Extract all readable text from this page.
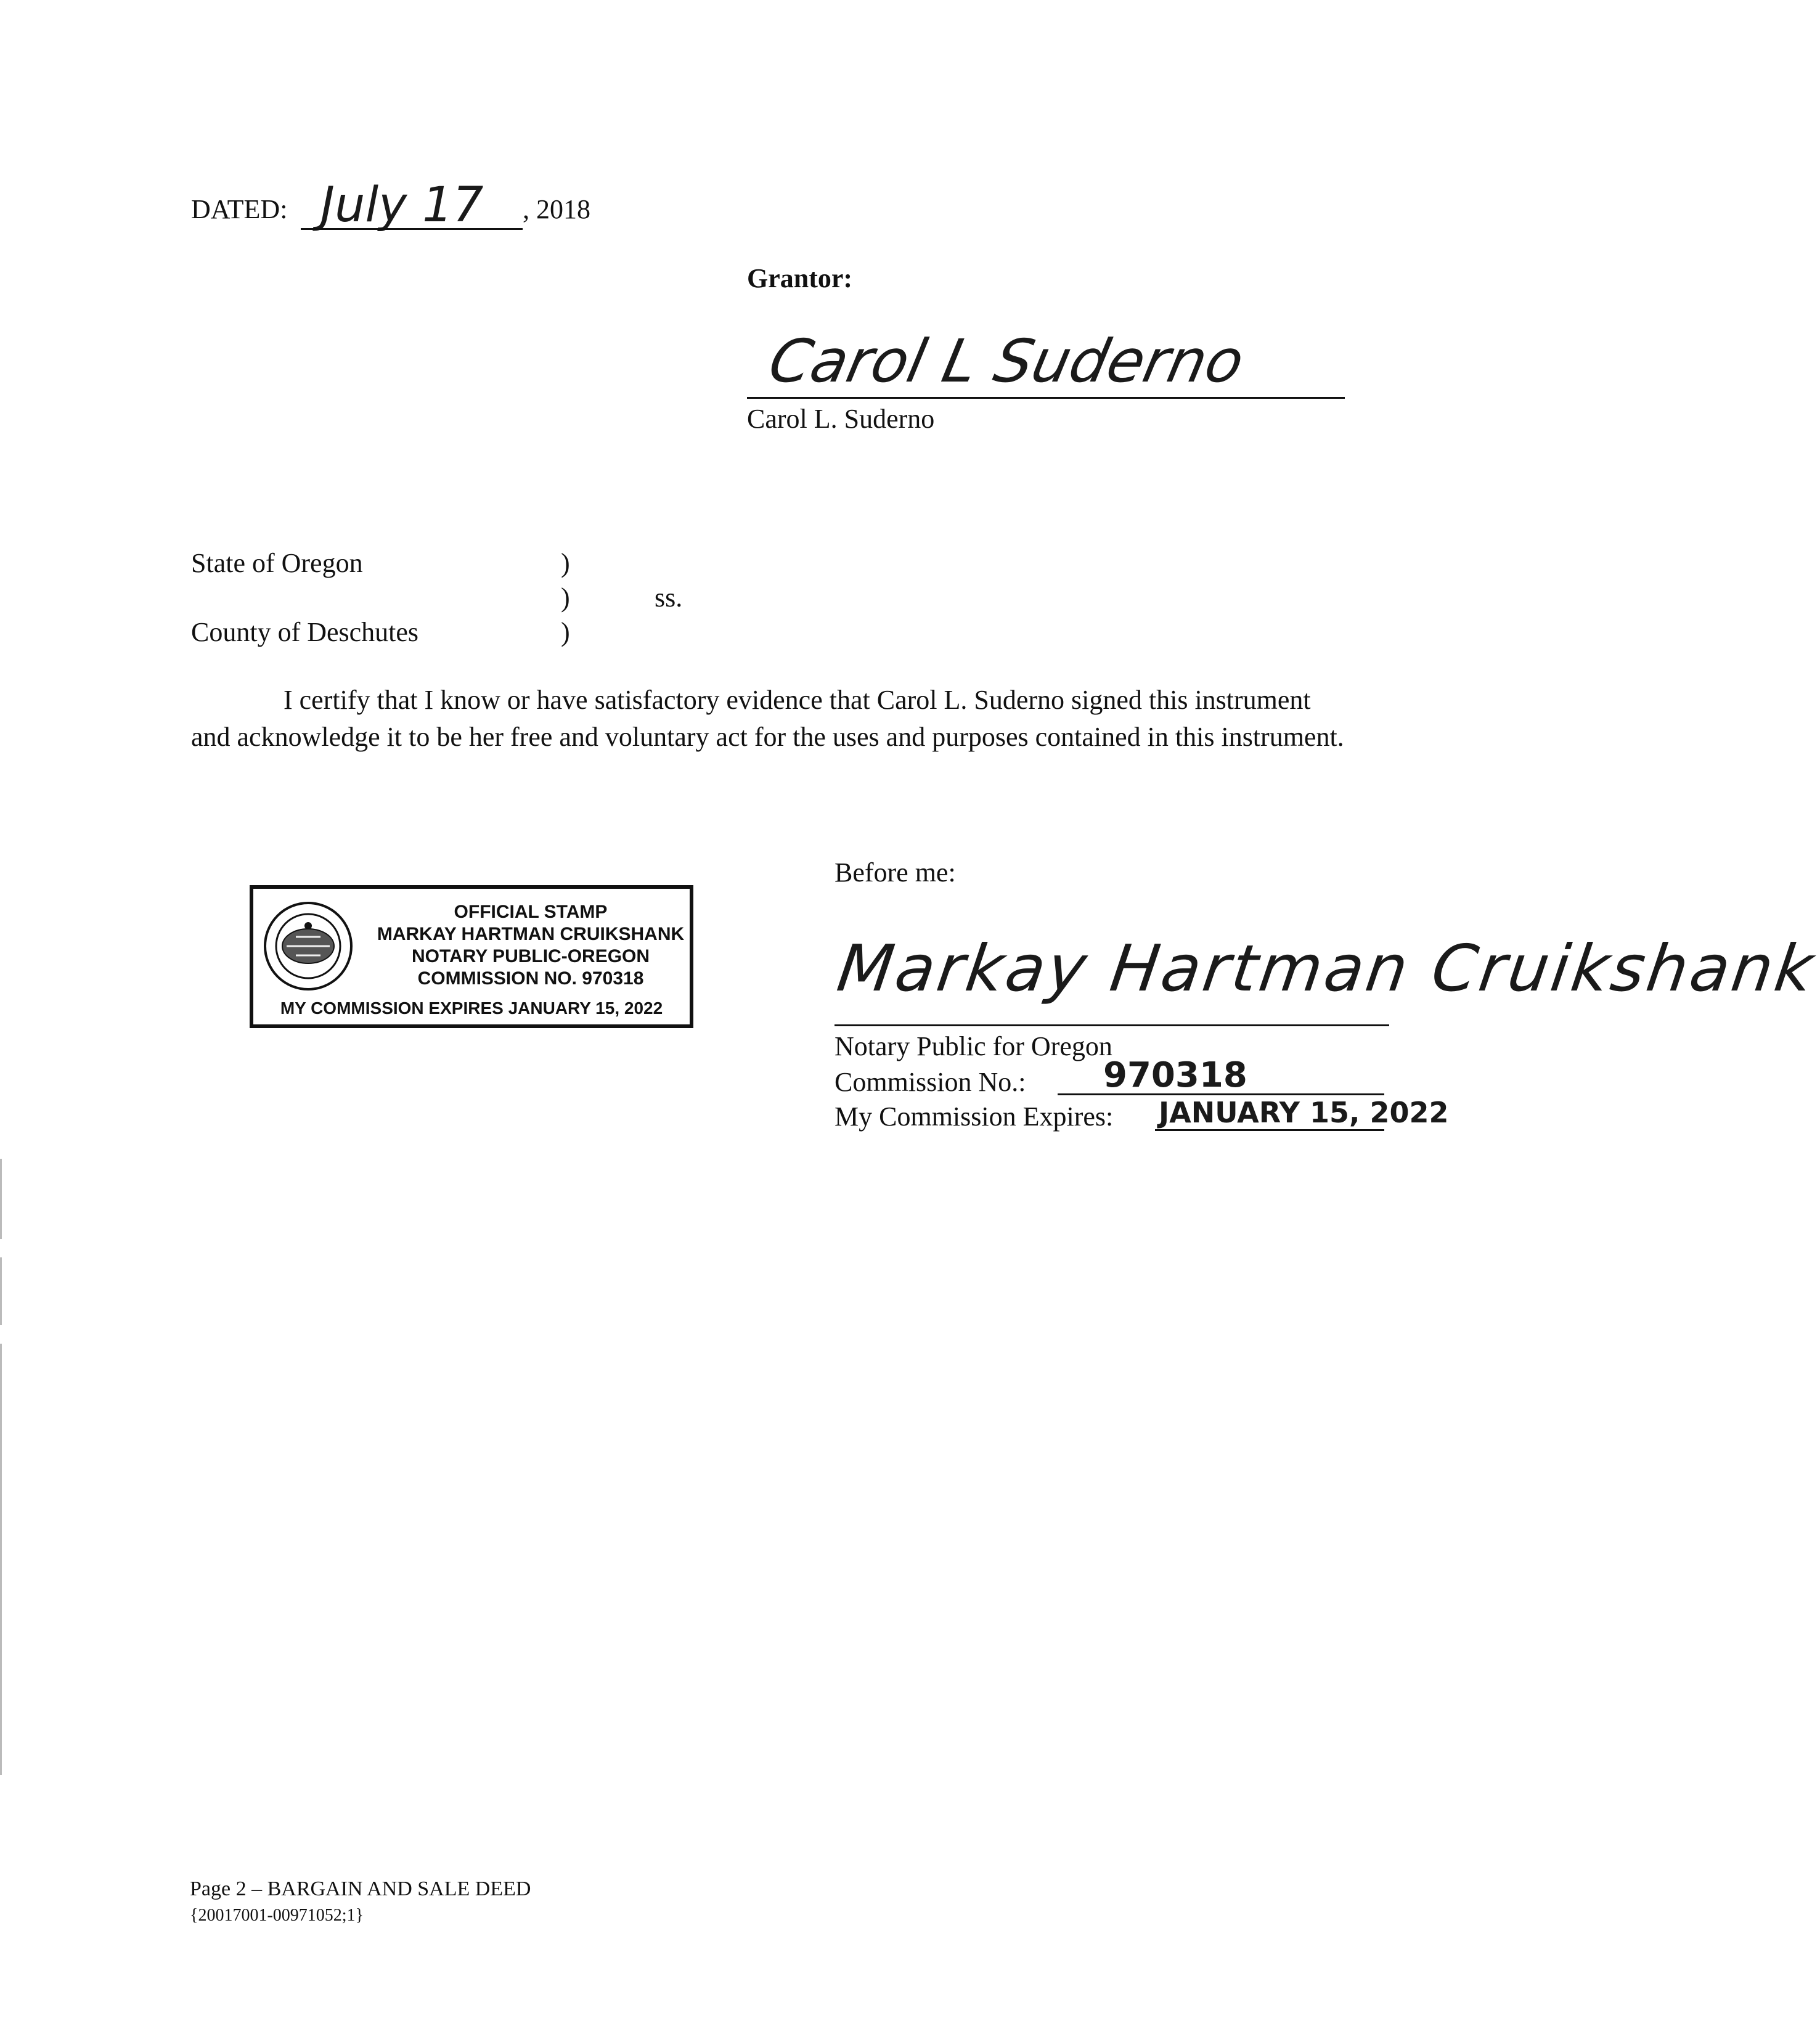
DATED: July 17 , 2018
Grantor:
Carol L Suderno
Carol L. Suderno
State of Oregon	)
)	ss.
County of Deschutes	)
I certify that I know or have satisfactory evidence that Carol L. Suderno signed this instrument and acknowledge it to be her free and voluntary act for the uses and purposes contained in this instrument.
OFFICIAL STAMP
MARKAY HARTMAN CRUIKSHANK
NOTARY PUBLIC-OREGON
COMMISSION NO. 970318
MY COMMISSION EXPIRES JANUARY 15, 2022
Before me:
Markay Hartman Cruikshank
Notary Public for Oregon
Commission No.: 970318
My Commission Expires: JANUARY 15, 2022
Page 2 – BARGAIN AND SALE DEED
{20017001-00971052;1}
